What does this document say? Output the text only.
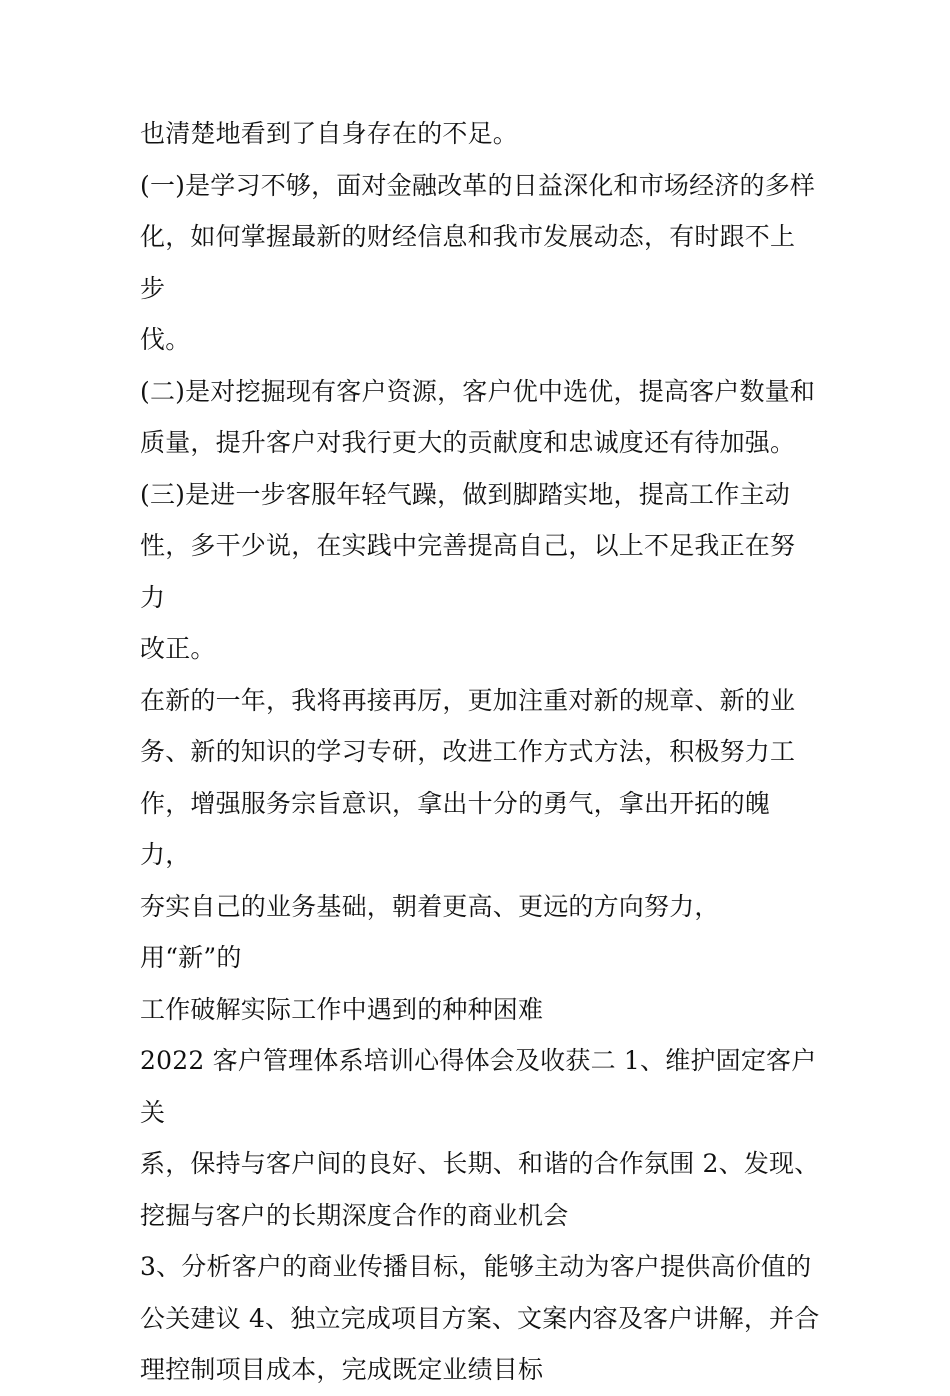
也清楚地看到了自身存在的不足。

(一)是学习不够，面对金融改革的日益深化和市场经济的多样
化，如何掌握最新的财经信息和我市发展动态，有时跟不上步
伐。

(二)是对挖掘现有客户资源，客户优中选优，提高客户数量和
质量，提升客户对我行更大的贡献度和忠诚度还有待加强。

(三)是进一步客服年轻气躁，做到脚踏实地，提高工作主动
性，多干少说，在实践中完善提高自己，以上不足我正在努力
改正。

在新的一年，我将再接再厉，更加注重对新的规章、新的业
务、新的知识的学习专研，改进工作方式方法，积极努力工
作，增强服务宗旨意识，拿出十分的勇气，拿出开拓的魄力，
夯实自己的业务基础，朝着更高、更远的方向努力，用“新”的
工作破解实际工作中遇到的种种困难

2022 客户管理体系培训心得体会及收获二 1、维护固定客户关
系，保持与客户间的良好、长期、和谐的合作氛围 2、发现、
挖掘与客户的长期深度合作的商业机会

3、分析客户的商业传播目标，能够主动为客户提供高价值的
公关建议 4、独立完成项目方案、文案内容及客户讲解，并合
理控制项目成本，完成既定业绩目标
